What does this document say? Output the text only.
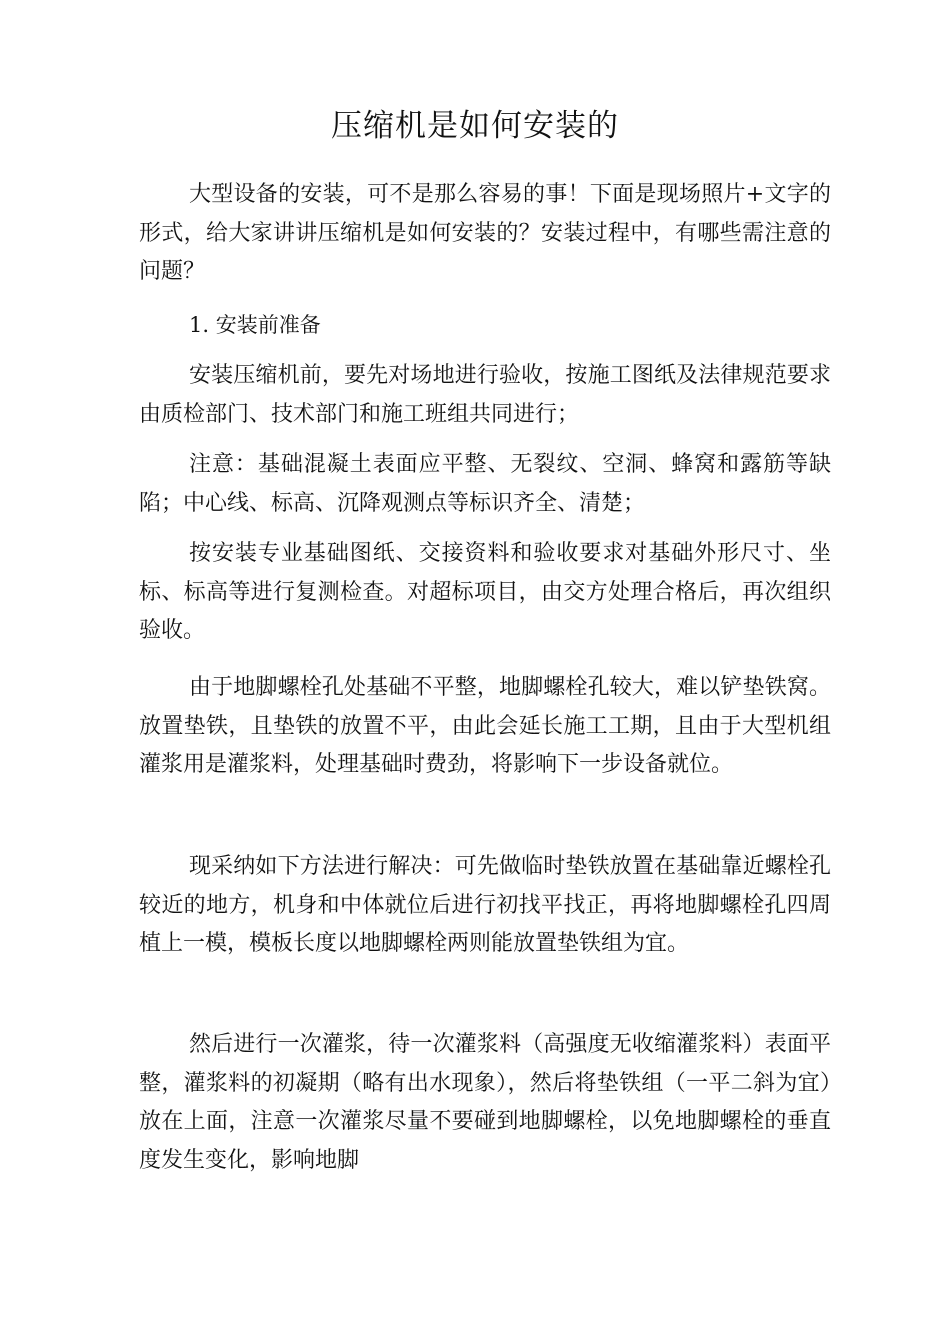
压缩机是如何安装的

大型设备的安装，可不是那么容易的事！下面是现场照片+文字的形式，给大家讲讲压缩机是如何安装的？安装过程中，有哪些需注意的问题？

1. 安装前准备

安装压缩机前，要先对场地进行验收，按施工图纸及法律规范要求由质检部门、技术部门和施工班组共同进行；

注意：基础混凝土表面应平整、无裂纹、空洞、蜂窝和露筋等缺陷；中心线、标高、沉降观测点等标识齐全、清楚；

按安装专业基础图纸、交接资料和验收要求对基础外形尺寸、坐标、标高等进行复测检查。对超标项目，由交方处理合格后，再次组织验收。

由于地脚螺栓孔处基础不平整，地脚螺栓孔较大，难以铲垫铁窝。放置垫铁，且垫铁的放置不平，由此会延长施工工期，且由于大型机组灌浆用是灌浆料，处理基础时费劲，将影响下一步设备就位。

现采纳如下方法进行解决：可先做临时垫铁放置在基础靠近螺栓孔较近的地方，机身和中体就位后进行初找平找正，再将地脚螺栓孔四周植上一模，模板长度以地脚螺栓两则能放置垫铁组为宜。

然后进行一次灌浆，待一次灌浆料（高强度无收缩灌浆料）表面平整，灌浆料的初凝期（略有出水现象），然后将垫铁组（一平二斜为宜）放在上面，注意一次灌浆尽量不要碰到地脚螺栓，以免地脚螺栓的垂直度发生变化，影响地脚
